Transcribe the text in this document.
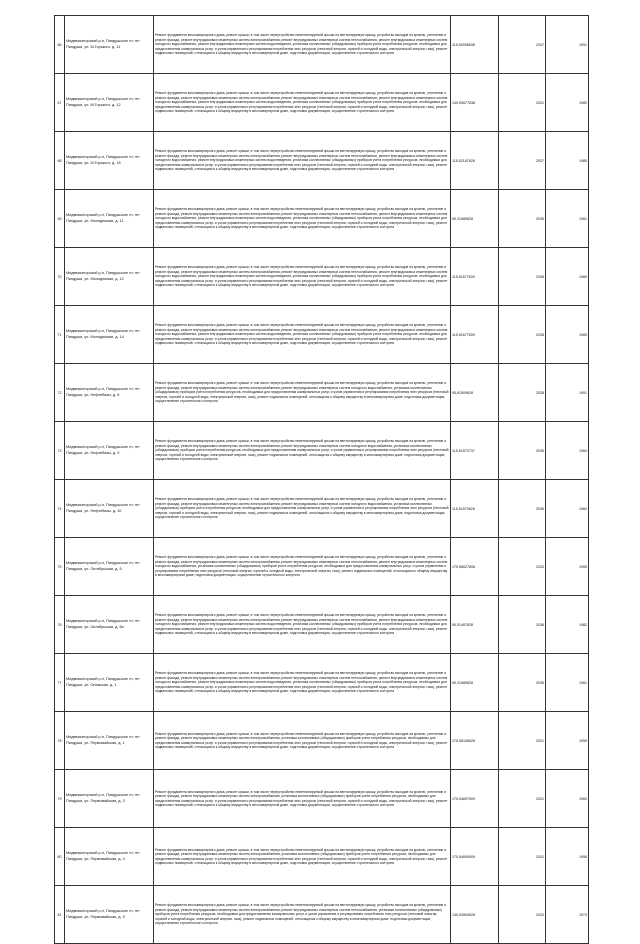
66	Медвежьегорский р-н, Пиндушское гп, пгт Пиндуши, ул. М.Горького, д. 11	Ремонт фундамента многоквартирного дома, ремонт крыши, в том числе переустройство невентилируемой крыши на вентилируемую крышу, устройство выходов на кровлю, утепление и ремонт фасада, ремонт внутридомовых инженерных систем электроснабжения, ремонт внутридомовых инженерных систем теплоснабжения, ремонт внутридомовых инженерных систем холодного водоснабжения, ремонт внутридомовых инженерных систем водоотведения, установка коллективных (общедомовых) приборов учета потребления ресурсов, необходимых для предоставления коммунальных услуг, и узлов управления и регулирования потребления этих ресурсов (тепловой энергии, горячей и холодной воды, электрической энергии, газа), ремонт подвальных помещений, относящихся к общему имуществу в многоквартирном доме, подготовка документации, осуществление строительного контроля	115,50098638	2037	1991
67	Медвежьегорский р-н, Пиндушское гп, пгт Пиндуши, ул. М.Горького, д. 12	Ремонт фундамента многоквартирного дома, ремонт крыши, в том числе переустройство невентилируемой крыши на вентилируемую крышу, устройство выходов на кровлю, утепление и ремонт фасада, ремонт внутридомовых инженерных систем электроснабжения, ремонт внутридомовых инженерных систем теплоснабжения, ремонт внутридомовых инженерных систем холодного водоснабжения, ремонт внутридомовых инженерных систем водоотведения, установка коллективных (общедомовых) приборов учета потребления ресурсов, необходимых для предоставления коммунальных услуг, и узлов управления и регулирования потребления этих ресурсов (тепловой энергии, горячей и холодной воды, электрической энергии, газа), ремонт подвальных помещений, относящихся к общему имуществу в многоквартирном доме, подготовка документации, осуществление строительного контроля	135,50677638	2031	1980
68	Медвежьегорский р-н, Пиндушское гп, пгт Пиндуши, ул. М.Горького, д. 18	Ремонт фундамента многоквартирного дома, ремонт крыши, в том числе переустройство невентилируемой крыши на вентилируемую крышу, устройство выходов на кровлю, утепление и ремонт фасада, ремонт внутридомовых инженерных систем электроснабжения, ремонт внутридомовых инженерных систем теплоснабжения, ремонт внутридомовых инженерных систем холодного водоснабжения, ремонт внутридомовых инженерных систем водоотведения, установка коллективных (общедомовых) приборов учета потребления ресурсов, необходимых для предоставления коммунальных услуг, и узлов управления и регулирования потребления этих ресурсов (тепловой энергии, горячей и холодной воды, электрической энергии, газа), ремонт подвальных помещений, относящихся к общему имуществу в многоквартирном доме, подготовка документации, осуществление строительного контроля	115,52187628	2037	1985
69	Медвежьегорский р-н, Пиндушское гп, пгт Пиндуши, ул. Молодежная, д. 11	Ремонт фундамента многоквартирного дома, ремонт крыши, в том числе переустройство невентилируемой крыши на вентилируемую крышу, устройство выходов на кровлю, утепление и ремонт фасада, ремонт внутридомовых инженерных систем электроснабжения, ремонт внутридомовых инженерных систем теплоснабжения, ремонт внутридомовых инженерных систем холодного водоснабжения, ремонт внутридомовых инженерных систем водоотведения, установка коллективных (общедомовых) приборов учета потребления ресурсов, необходимых для предоставления коммунальных услуг, и узлов управления и регулирования потребления этих ресурсов (тепловой энергии, горячей и холодной воды, электрической энергии, газа), ремонт подвальных помещений, относящихся к общему имуществу в многоквартирном доме, подготовка документации, осуществление строительного контроля	95,31589828	2036	1981
70	Медвежьегорский р-н, Пиндушское гп, пгт Пиндуши, ул. Молодежная, д. 12	Ремонт фундамента многоквартирного дома, ремонт крыши, в том числе переустройство невентилируемой крыши на вентилируемую крышу, устройство выходов на кровлю, утепление и ремонт фасада, ремонт внутридомовых инженерных систем электроснабжения, ремонт внутридомовых инженерных систем теплоснабжения, ремонт внутридомовых инженерных систем холодного водоснабжения, ремонт внутридомовых инженерных систем водоотведения, установка коллективных (общедомовых) приборов учета потребления ресурсов, необходимых для предоставления коммунальных услуг, и узлов управления и регулирования потребления этих ресурсов (тепловой энергии, горячей и холодной воды, электрической энергии, газа), ремонт подвальных помещений, относящихся к общему имуществу в многоквартирном доме, подготовка документации, осуществление строительного контроля	115,51677639	2038	1985
71	Медвежьегорский р-н, Пиндушское гп, пгт Пиндуши, ул. Молодежная, д. 14	Ремонт фундамента многоквартирного дома, ремонт крыши, в том числе переустройство невентилируемой крыши на вентилируемую крышу, устройство выходов на кровлю, утепление и ремонт фасада, ремонт внутридомовых инженерных систем электроснабжения, ремонт внутридомовых инженерных систем теплоснабжения, ремонт внутридомовых инженерных систем холодного водоснабжения, ремонт внутридомовых инженерных систем водоотведения, установка коллективных (общедомовых) приборов учета потребления ресурсов, необходимых для предоставления коммунальных услуг, и узлов управления и регулирования потребления этих ресурсов (тепловой энергии, горячей и холодной воды, электрической энергии, газа), ремонт подвальных помещений, относящихся к общему имуществу в многоквартирном доме, подготовка документации, осуществление строительного контроля	115,51677639	2038	1985
72	Медвежьегорский р-н, Пиндушское гп, пгт Пиндуши, ул. Нефтебазы, д. 8	Ремонт фундамента многоквартирного дома, ремонт крыши, в том числе переустройство невентилируемой крыши на вентилируемую крышу, устройство выходов на кровлю, утепление и ремонт фасада, ремонт внутридомовых инженерных систем электроснабжения, ремонт внутридомовых инженерных систем холодного водоснабжения, установка коллективных (общедомовых) приборов учета потребления ресурсов, необходимых для предоставления коммунальных услуг, и узлов управления и регулирования потребления этих ресурсов (тепловой энергии, горячей и холодной воды, электрической энергии, газа), ремонт подвальных помещений, относящихся к общему имуществу в многоквартирном доме, подготовка документации, осуществление строительного контроля	95,81509828	2038	1991
73	Медвежьегорский р-н, Пиндушское гп, пгт Пиндуши, ул. Нефтебазы, д. 9	Ремонт фундамента многоквартирного дома, ремонт крыши, в том числе переустройство невентилируемой крыши на вентилируемую крышу, устройство выходов на кровлю, утепление и ремонт фасада, ремонт внутридомовых инженерных систем электроснабжения, ремонт внутридомовых инженерных систем холодного водоснабжения, установка коллективных (общедомовых) приборов учета потребления ресурсов, необходимых для предоставления коммунальных услуг, и узлов управления и регулирования потребления этих ресурсов (тепловой энергии, горячей и холодной воды, электрической энергии, газа), ремонт подвальных помещений, относящихся к общему имуществу в многоквартирном доме, подготовка документации, осуществление строительного контроля	115,51570737	2036	1984
74	Медвежьегорский р-н, Пиндушское гп, пгт Пиндуши, ул. Нефтебазы, д. 10	Ремонт фундамента многоквартирного дома, ремонт крыши, в том числе переустройство невентилируемой крыши на вентилируемую крышу, устройство выходов на кровлю, утепление и ремонт фасада, ремонт внутридомовых инженерных систем электроснабжения, ремонт внутридомовых инженерных систем холодного водоснабжения, установка коллективных (общедомовых) приборов учета потребления ресурсов, необходимых для предоставления коммунальных услуг, и узлов управления и регулирования потребления этих ресурсов (тепловой энергии, горячей и холодной воды, электрической энергии, газа), ремонт подвальных помещений, относящихся к общему имуществу в многоквартирном доме, подготовка документации, осуществление строительного контроля	115,51570628	2036	1984
75	Медвежьегорский р-н, Пиндушское гп, пгт Пиндуши, ул. Октябрьская, д. 5	Ремонт фундамента многоквартирного дома, ремонт крыши, в том числе переустройство невентилируемой крыши на вентилируемую крышу, устройство выходов на кровлю, утепление и ремонт фасада, ремонт внутридомовых инженерных систем электроснабжения, ремонт внутридомовых инженерных систем теплоснабжения, ремонт внутридомовых инженерных систем холодного водоснабжения, установка коллективных (общедомовых) приборов учета потребления ресурсов, необходимых для предоставления коммунальных услуг, и узлов управления и регулирования потребления этих ресурсов (тепловой энергии, горячей и холодной воды, электрической энергии, газа), ремонт подвальных помещений, относящихся к общему имуществу в многоквартирном доме, подготовка документации, осуществление строительного контроля	175,56627808	2033	1955
76	Медвежьегорский р-н, Пиндушское гп, пгт Пиндуши, ул. Октябрьская, д. 5а	Ремонт фундамента многоквартирного дома, ремонт крыши, в том числе переустройство невентилируемой крыши на вентилируемую крышу, устройство выходов на кровлю, утепление и ремонт фасада, ремонт внутридомовых инженерных систем электроснабжения, ремонт внутридомовых инженерных систем теплоснабжения, ремонт внутридомовых инженерных систем холодного водоснабжения, ремонт внутридомовых инженерных систем водоотведения, установка коллективных (общедомовых) приборов учета потребления ресурсов, необходимых для предоставления коммунальных услуг, и узлов управления и регулирования потребления этих ресурсов (тепловой энергии, горячей и холодной воды, электрической энергии, газа), ремонт подвальных помещений, относящихся к общему имуществу в многоквартирном доме, подготовка документации, осуществление строительного контроля	95,51467828	2036	1982
77	Медвежьегорский р-н, Пиндушское гп, пгт Пиндуши, ул. Онежская, д. 1	Ремонт фундамента многоквартирного дома, ремонт крыши, в том числе переустройство невентилируемой крыши на вентилируемую крышу, устройство выходов на кровлю, утепление и ремонт фасада, ремонт внутридомовых инженерных систем электроснабжения, ремонт внутридомовых инженерных систем теплоснабжения, ремонт внутридомовых инженерных систем холодного водоснабжения, ремонт внутридомовых инженерных систем водоотведения, установка коллективных (общедомовых) приборов учета потребления ресурсов, необходимых для предоставления коммунальных услуг, и узлов управления и регулирования потребления этих ресурсов (тепловой энергии, горячей и холодной воды, электрической энергии, газа), ремонт подвальных помещений, относящихся к общему имуществу в многоквартирном доме, подготовка документации, осуществление строительного контроля	95,31589828	2036	1981
78	Медвежьегорский р-н, Пиндушское гп, пгт Пиндуши, ул. Первомайская, д. 1	Ремонт фундамента многоквартирного дома, ремонт крыши, в том числе переустройство невентилируемой крыши на вентилируемую крышу, устройство выходов на кровлю, утепление и ремонт фасада, ремонт внутридомовых инженерных систем электроснабжения, установка коллективных (общедомовых) приборов учета потребления ресурсов, необходимых для предоставления коммунальных услуг, и узлов управления и регулирования потребления этих ресурсов (тепловой энергии, горячей и холодной воды, электрической энергии, газа), ремонт подвальных помещений, относящихся к общему имуществу в многоквартирном доме, подготовка документации, осуществление строительного контроля	175,56106628	2031	1959
79	Медвежьегорский р-н, Пиндушское гп, пгт Пиндуши, ул. Первомайская, д. 3	Ремонт фундамента многоквартирного дома, ремонт крыши, в том числе переустройство невентилируемой крыши на вентилируемую крышу, устройство выходов на кровлю, утепление и ремонт фасада, ремонт внутридомовых инженерных систем электроснабжения, установка коллективных (общедомовых) приборов учета потребления ресурсов, необходимых для предоставления коммунальных услуг, и узлов управления и регулирования потребления этих ресурсов (тепловой энергии, горячей и холодной воды, электрической энергии, газа), ремонт подвальных помещений, относящихся к общему имуществу в многоквартирном доме, подготовка документации, осуществление строительного контроля	175,54697509	2031	1960
80	Медвежьегорский р-н, Пиндушское гп, пгт Пиндуши, ул. Первомайская, д. 4	Ремонт фундамента многоквартирного дома, ремонт крыши, в том числе переустройство невентилируемой крыши на вентилируемую крышу, устройство выходов на кровлю, утепление и ремонт фасада, ремонт внутридомовых инженерных систем электроснабжения, установка коллективных (общедомовых) приборов учета потребления ресурсов, необходимых для предоставления коммунальных услуг, и узлов управления и регулирования потребления этих ресурсов (тепловой энергии, горячей и холодной воды, электрической энергии, газа), ремонт подвальных помещений, относящихся к общему имуществу в многоквартирном доме, подготовка документации, осуществление строительного контроля	175,54699509	2031	1958
81	Медвежьегорский р-н, Пиндушское гп, пгт Пиндуши, ул. Первомайская, д. 5	Ремонт фундамента многоквартирного дома, ремонт крыши, в том числе переустройство невентилируемой крыши на вентилируемую крышу, устройство выходов на кровлю, утепление и ремонт фасада, ремонт внутридомовых инженерных систем электроснабжения, ремонт внутридомовых инженерных систем теплоснабжения, установка коллективных (общедомовых) приборов учета потребления ресурсов, необходимых для предоставления коммунальных услуг, и узлов управления и регулирования потребления этих ресурсов (тепловой энергии, горячей и холодной воды, электрической энергии, газа), ремонт подвальных помещений, относящихся к общему имуществу в многоквартирном доме, подготовка документации, осуществление строительного контроля	135,52894628	2033	1973
